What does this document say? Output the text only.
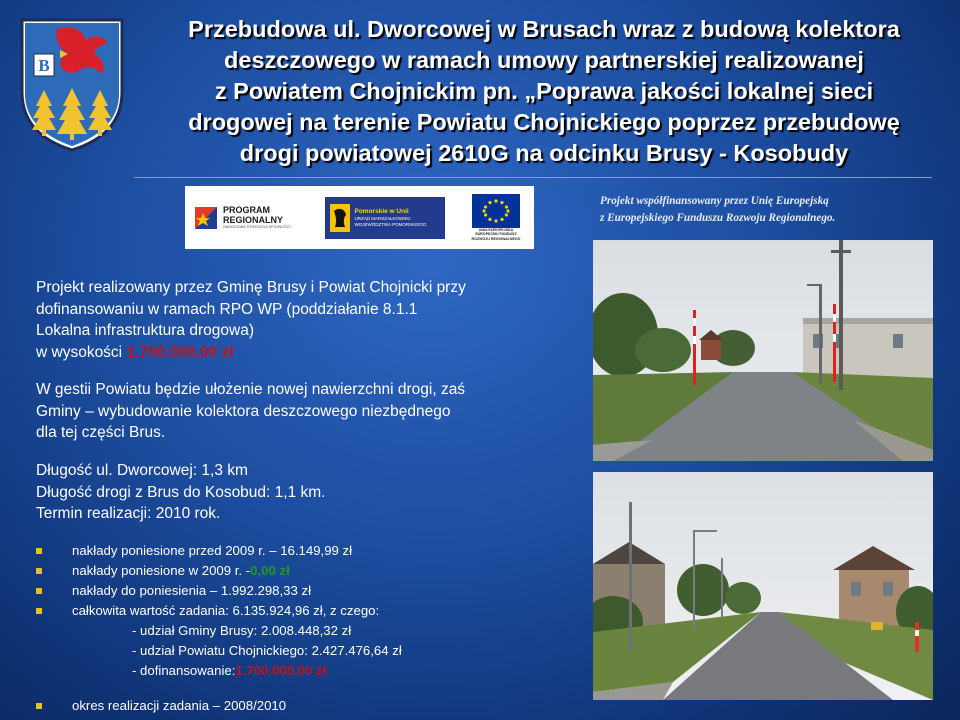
B
Przebudowa ul. Dworcowej w Brusach wraz z budową kolektora
deszczowego w ramach umowy partnerskiej realizowanej
z Powiatem Chojnickim pn. „Poprawa jakości lokalnej sieci
drogowej na terenie Powiatu Chojnickiego poprzez przebudowę
drogi powiatowej 2610G na odcinku Brusy - Kosobudy
PROGRAM
REGIONALNY
NARODOWA STRATEGIA SPÓJNOŚCI
Pomorskie w Unii
URZĄD MARSZAŁKOWSKI
WOJEWÓDZTWA POMORSKIEGO
UNIA EUROPEJSKA
EUROPEJSKI FUNDUSZ
ROZWOJU REGIONALNEGO
Projekt współfinansowany przez Unię Europejską
z Europejskiego Funduszu Rozwoju Regionalnego.
Projekt realizowany przez Gminę Brusy i Powiat Chojnicki przy
dofinansowaniu w ramach RPO WP (poddziałanie 8.1.1
Lokalna infrastruktura drogowa)
w wysokości 1.700.000,00 zł
W gestii Powiatu będzie ułożenie nowej nawierzchni drogi, zaś
Gminy – wybudowanie kolektora deszczowego niezbędnego
dla tej części Brus.
Długość ul. Dworcowej: 1,3 km
Długość drogi z Brus do Kosobud: 1,1 km.
Termin realizacji: 2010 rok.
nakłady poniesione przed 2009 r. – 16.149,99 zł
nakłady poniesione w 2009 r. - 0,00 zł
nakłady do poniesienia – 1.992.298,33 zł
całkowita wartość zadania: 6.135.924,96 zł, z czego:
- udział Gminy Brusy: 2.008.448,32 zł
- udział Powiatu Chojnickiego: 2.427.476,64 zł
- dofinansowanie: 1.700.000,00 zł
okres realizacji zadania – 2008/2010
